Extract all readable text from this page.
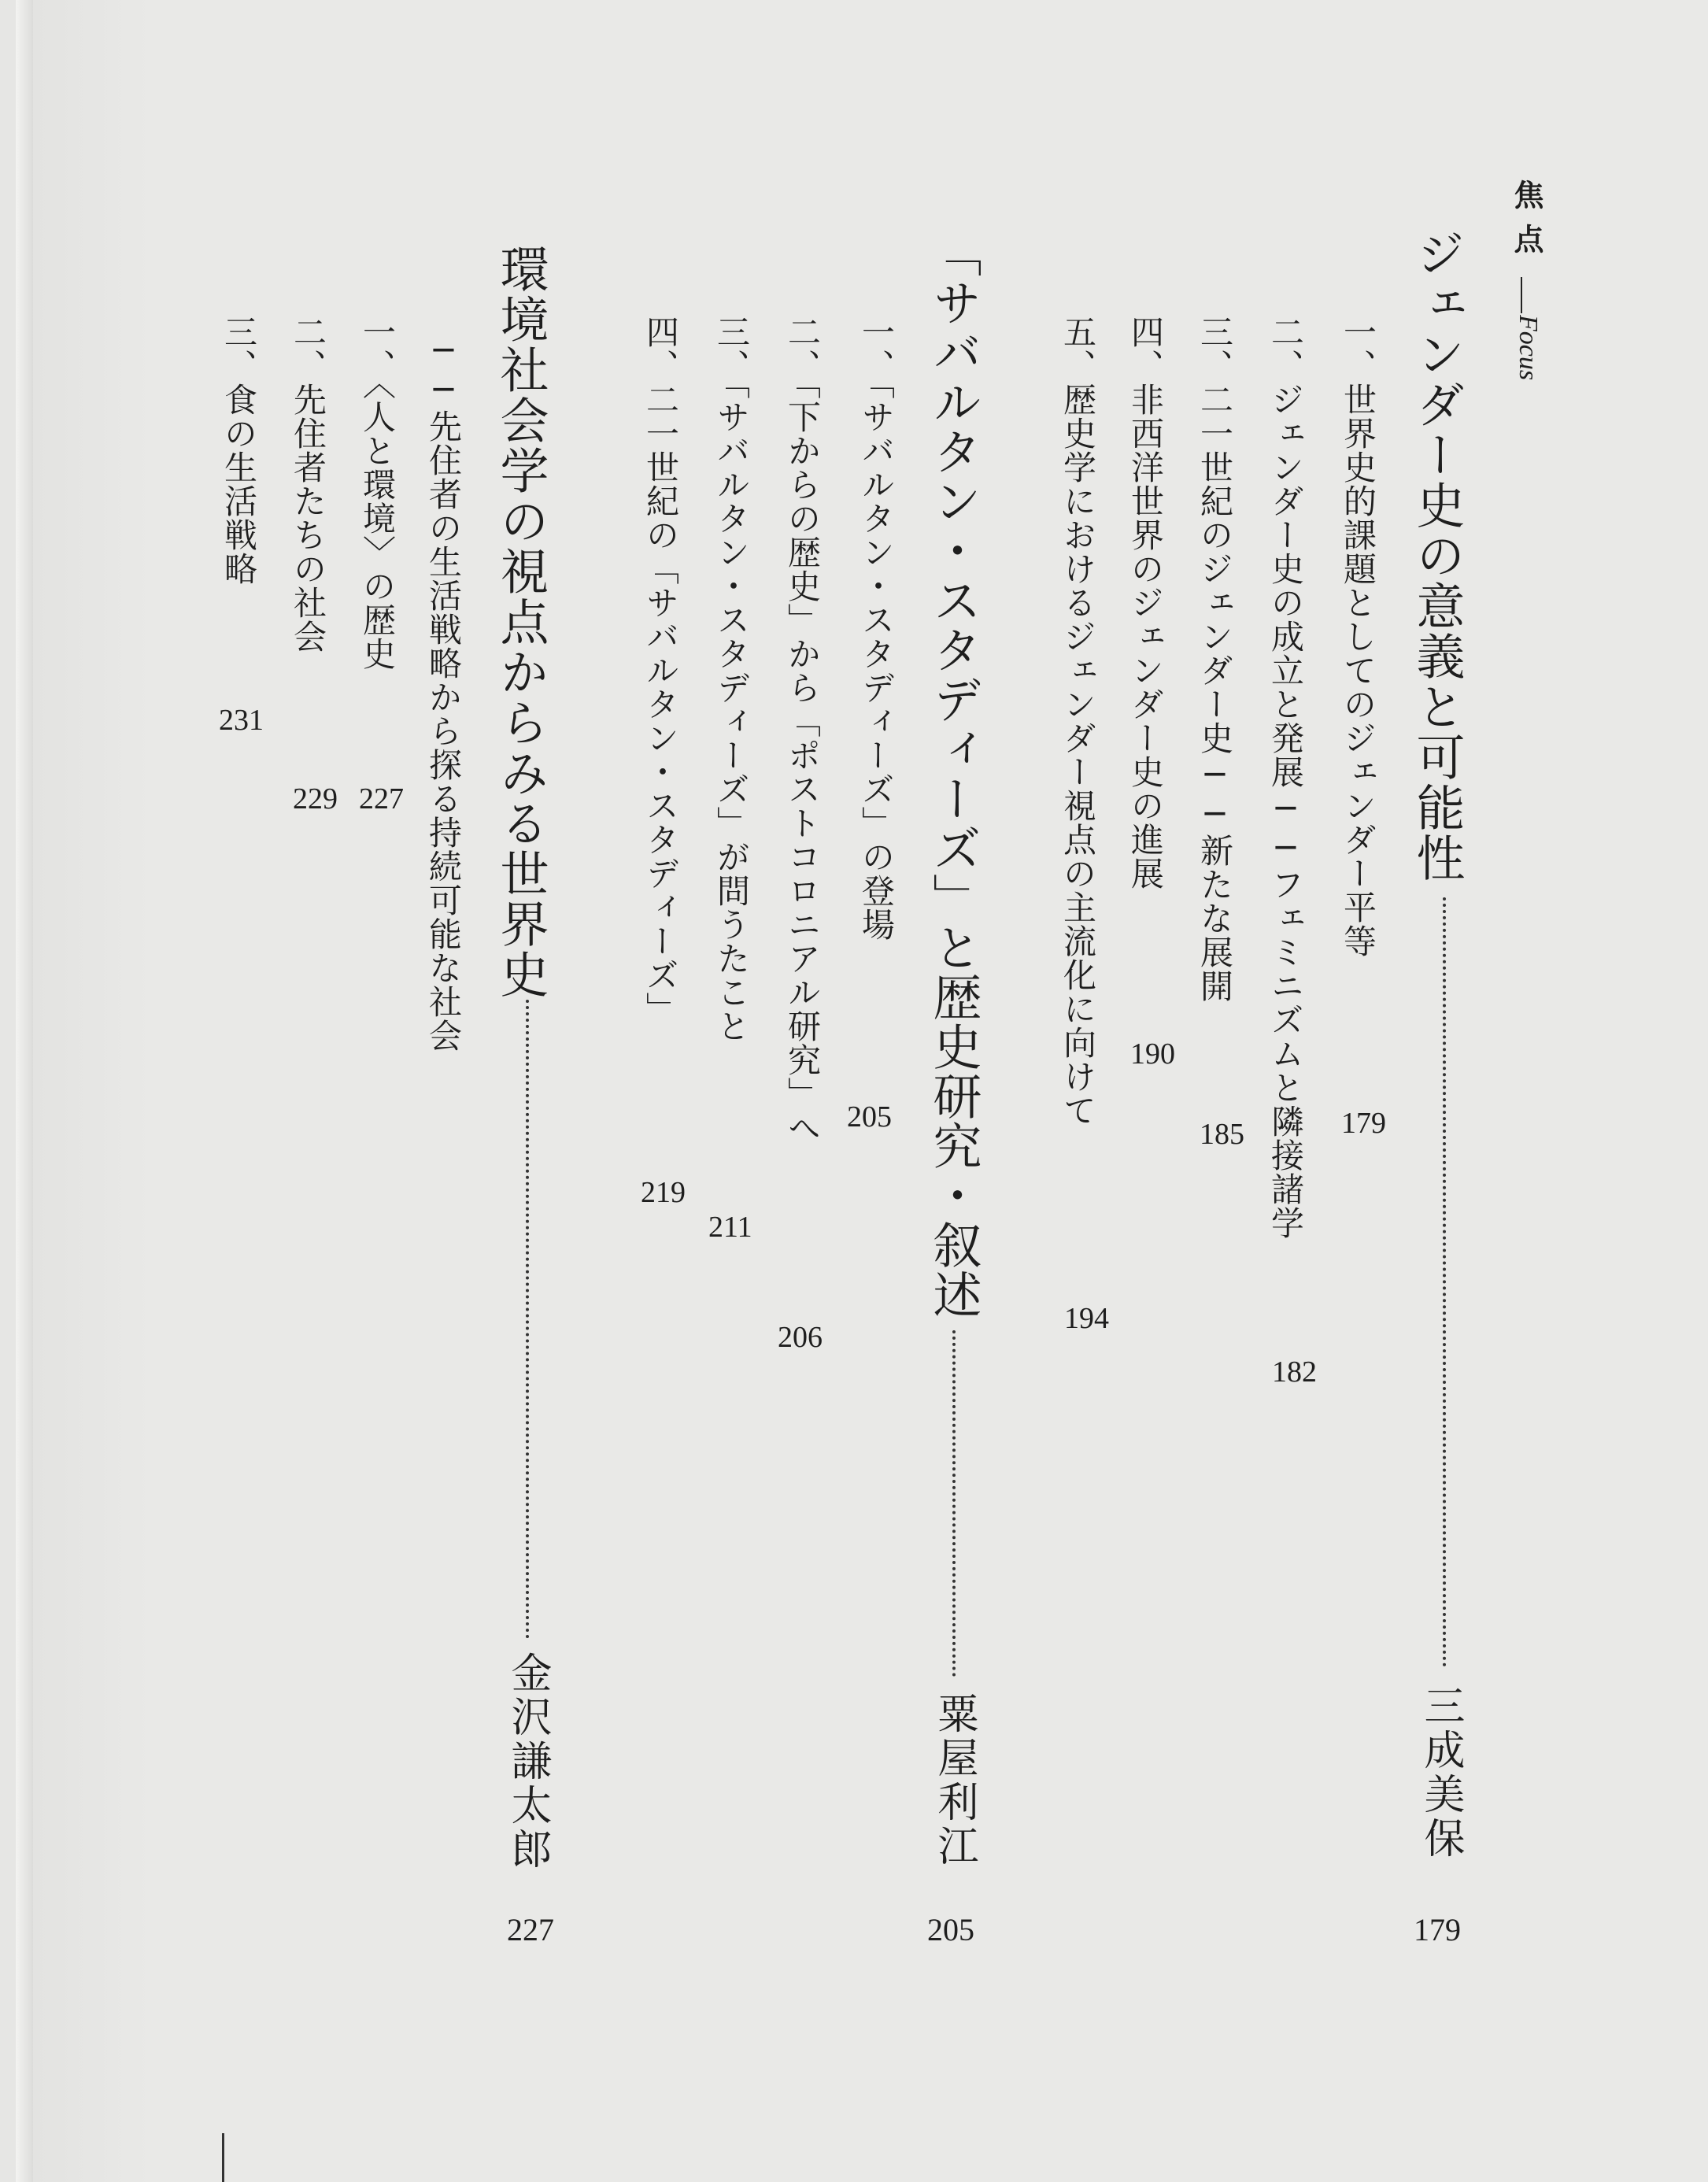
焦点
Focus
ジェンダー史の意義と可能性
三成美保
179
一、世界史的課題としてのジェンダー平等
179
二、ジェンダー史の成立と発展──フェミニズムと隣接諸学
182
三、二一世紀のジェンダー史──新たな展開
185
四、非西洋世界のジェンダー史の進展
190
五、歴史学におけるジェンダー視点の主流化に向けて
194
「サバルタン・スタディーズ」と歴史研究・叙述
粟屋利江
205
一、「サバルタン・スタディーズ」の登場
205
二、「下からの歴史」から「ポストコロニアル研究」へ
206
三、「サバルタン・スタディーズ」が問うたこと
211
四、二一世紀の「サバルタン・スタディーズ」
219
環境社会学の視点からみる世界史
金沢謙太郎
227
──先住者の生活戦略から探る持続可能な社会
一、〈人と環境〉の歴史
227
二、先住者たちの社会
229
三、食の生活戦略
231
